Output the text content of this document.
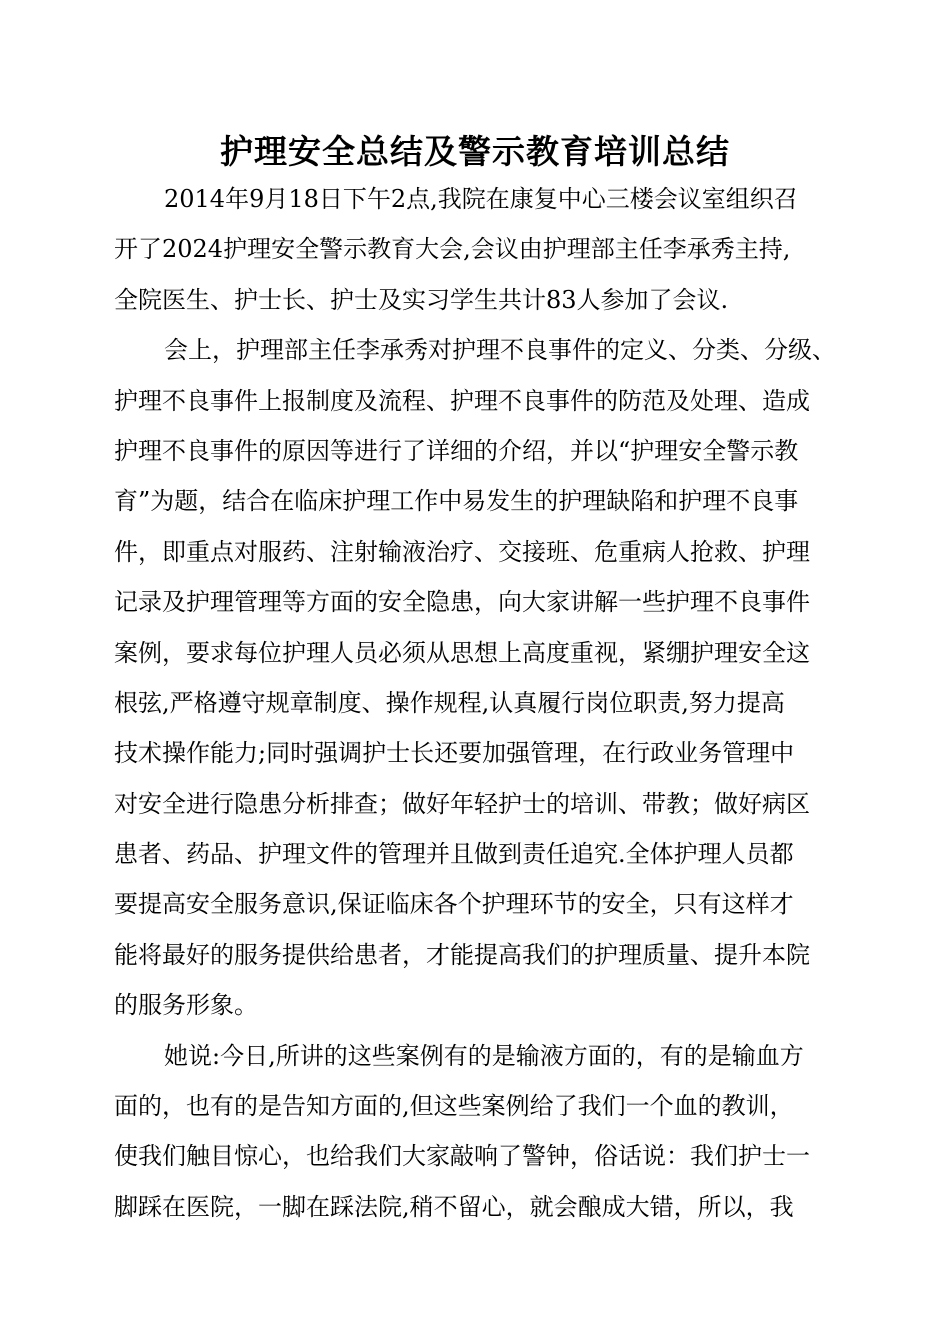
护理安全总结及警示教育培训总结
2014年9月18日下午2点,我院在康复中心三楼会议室组织召
开了2024护理安全警示教育大会,会议由护理部主任李承秀主持,
全院医生、护士长、护士及实习学生共计83人参加了会议.
会上，护理部主任李承秀对护理不良事件的定义、分类、分级、
护理不良事件上报制度及流程、护理不良事件的防范及处理、造成
护理不良事件的原因等进行了详细的介绍，并以“护理安全警示教
育”为题，结合在临床护理工作中易发生的护理缺陷和护理不良事
件，即重点对服药、注射输液治疗、交接班、危重病人抢救、护理
记录及护理管理等方面的安全隐患，向大家讲解一些护理不良事件
案例，要求每位护理人员必须从思想上高度重视，紧绷护理安全这
根弦,严格遵守规章制度、操作规程,认真履行岗位职责,努力提高
技术操作能力;同时强调护士长还要加强管理，在行政业务管理中
对安全进行隐患分析排查；做好年轻护士的培训、带教；做好病区
患者、药品、护理文件的管理并且做到责任追究.全体护理人员都
要提高安全服务意识,保证临床各个护理环节的安全，只有这样才
能将最好的服务提供给患者，才能提高我们的护理质量、提升本院
的服务形象。
她说:今日,所讲的这些案例有的是输液方面的，有的是输血方
面的，也有的是告知方面的,但这些案例给了我们一个血的教训，
使我们触目惊心，也给我们大家敲响了警钟，俗话说：我们护士一
脚踩在医院，一脚在踩法院,稍不留心，就会酿成大错，所以，我
